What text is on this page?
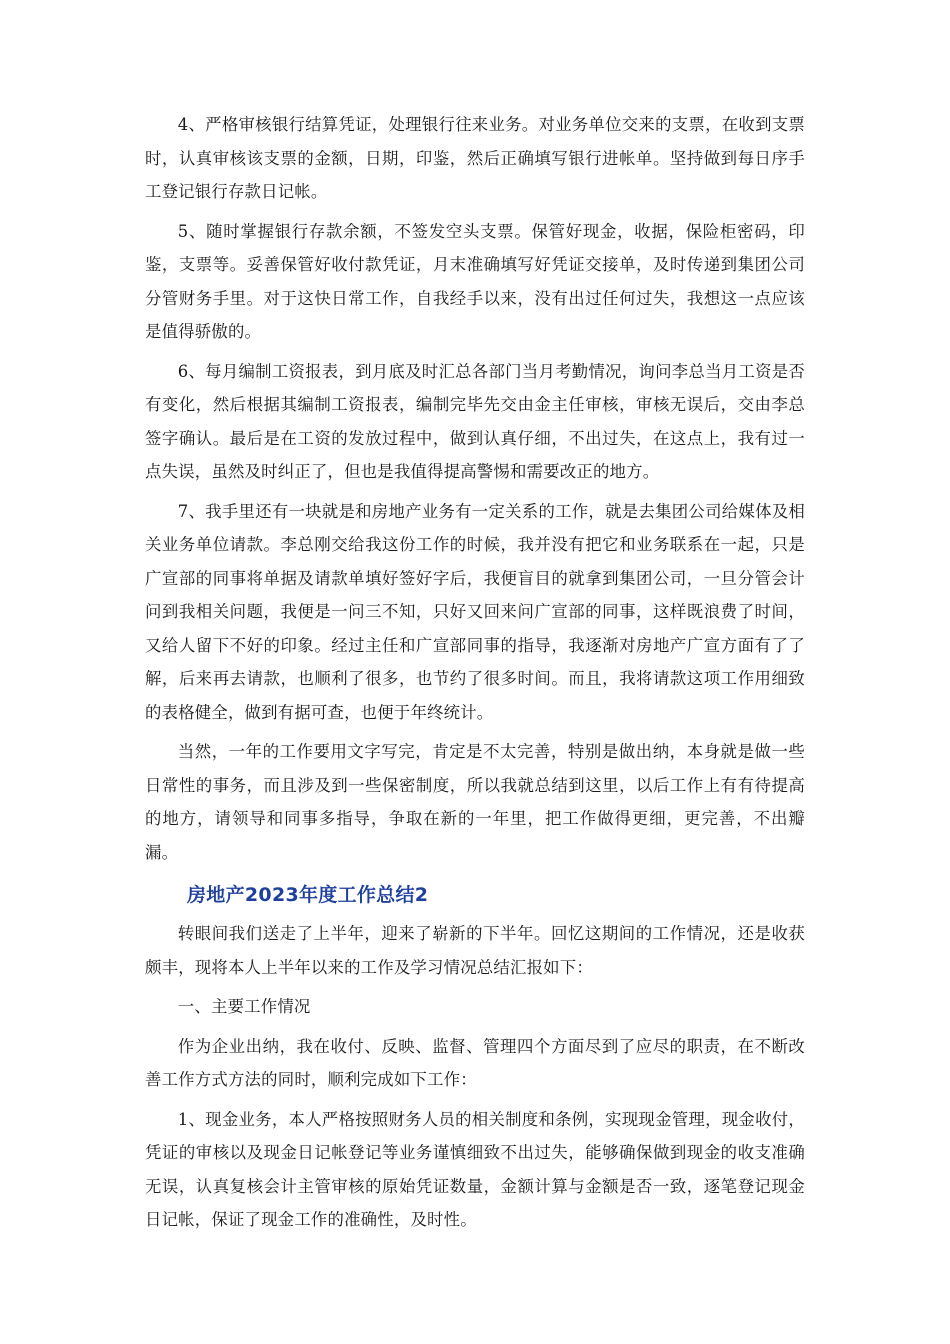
4、严格审核银行结算凭证，处理银行往来业务。对业务单位交来的支票，在收到支票时，认真审核该支票的金额，日期，印鉴，然后正确填写银行进帐单。坚持做到每日序手工登记银行存款日记帐。

5、随时掌握银行存款余额，不签发空头支票。保管好现金，收据，保险柜密码，印鉴，支票等。妥善保管好收付款凭证，月末准确填写好凭证交接单，及时传递到集团公司分管财务手里。对于这快日常工作，自我经手以来，没有出过任何过失，我想这一点应该是值得骄傲的。

6、每月编制工资报表，到月底及时汇总各部门当月考勤情况，询问李总当月工资是否有变化，然后根据其编制工资报表，编制完毕先交由金主任审核，审核无误后，交由李总签字确认。最后是在工资的发放过程中，做到认真仔细，不出过失，在这点上，我有过一点失误，虽然及时纠正了，但也是我值得提高警惕和需要改正的地方。

7、我手里还有一块就是和房地产业务有一定关系的工作，就是去集团公司给媒体及相关业务单位请款。李总刚交给我这份工作的时候，我并没有把它和业务联系在一起，只是广宣部的同事将单据及请款单填好签好字后，我便盲目的就拿到集团公司，一旦分管会计问到我相关问题，我便是一问三不知，只好又回来问广宣部的同事，这样既浪费了时间，又给人留下不好的印象。经过主任和广宣部同事的指导，我逐渐对房地产广宣方面有了了解，后来再去请款，也顺利了很多，也节约了很多时间。而且，我将请款这项工作用细致的表格健全，做到有据可查，也便于年终统计。

当然，一年的工作要用文字写完，肯定是不太完善，特别是做出纳，本身就是做一些日常性的事务，而且涉及到一些保密制度，所以我就总结到这里，以后工作上有有待提高的地方，请领导和同事多指导，争取在新的一年里，把工作做得更细，更完善，不出瓣漏。

房地产2023年度工作总结2

转眼间我们送走了上半年，迎来了崭新的下半年。回忆这期间的工作情况，还是收获颇丰，现将本人上半年以来的工作及学习情况总结汇报如下：

一、主要工作情况

作为企业出纳，我在收付、反映、监督、管理四个方面尽到了应尽的职责，在不断改善工作方式方法的同时，顺利完成如下工作：

1、现金业务，本人严格按照财务人员的相关制度和条例，实现现金管理，现金收付，凭证的审核以及现金日记帐登记等业务谨慎细致不出过失，能够确保做到现金的收支准确无误，认真复核会计主管审核的原始凭证数量，金额计算与金额是否一致，逐笔登记现金日记帐，保证了现金工作的准确性，及时性。
